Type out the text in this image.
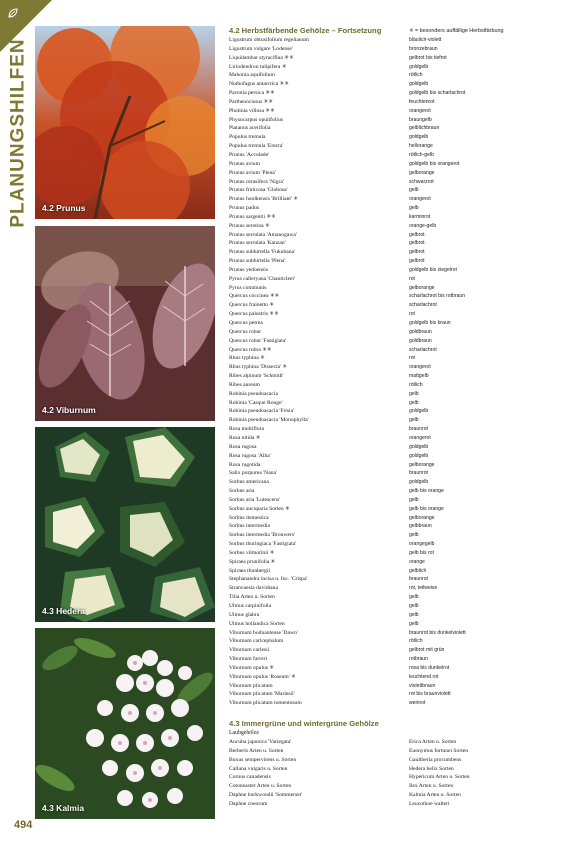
PLANUNGSHILFEN 4.2 Prunus
4.2 Viburnum
4.3 Hedera
4.3 Kalmia
494
4.2 Herbstfärbende Gehölze – Fortsetzung	✳ = besonders auffällige Herbstfärbung
Ligustrum obtusifolium regelianum	bläulich-violett
Ligustrum vulgare 'Lodense'	bronzebraun
Liquidambar styraciflua ✳✳	gelbrot bis tiefrot
Liriodendron tulipifera ✳	goldgelb
Mahonia aquifolium	rötlich
Nothofagus antarctica ✳✳	goldgelb
Parrotia persica ✳✳	goldgelb bis scharlachrot
Parthenocissus ✳✳	feuchtenrot
Photinia villosa ✳✳	orangerot
Physocarpus opulifolius	braungelb
Platanus acerifolia	gelblichbraun
Populus tremula	goldgelb
Populus tremula 'Erecta'	hellorange
Prunus 'Accolade'	rötlich-gelb
Prunus avium	goldgelb bis orangerot
Prunus avium 'Plena'	gelborange
Prunus cerasifera 'Nigra'	schwarzrot
Prunus fruticosa 'Globosa'	gelb
Prunus hoolkensis 'Brilliant' ✳	orangerot
Prunus padus	gelb
Prunus sargentii ✳✳	karminrot
Prunus serotina ✳	orange-gelb
Prunus serrulata 'Amanogawa'	gelbrot
Prunus serrulata 'Kanzan'	gelbrot
Prunus subhirtella 'Fukubana'	gelbrot
Prunus subhirtella 'Plena'	gelbrot
Prunus yedoensis	goldgelb bis ziegelrot
Pyrus calleryana 'Chanticleer'	rot
Pyrus communis	gelborange
Quercus coccinea ✳✳	scharlachrot bis rotbraun
Quercus frainetto ✳	scharlachrot
Quercus palustris ✳✳	rot
Quercus petrea	goldgelb bis braun
Quercus robur	goldbraun
Quercus robur 'Fastigiata'	goldbraun
Quercus rubra ✳✳	scharlachrot
Rhus typhina ✳	rot
Rhus typhina 'Dissecta' ✳	orangerot
Ribes alpinum 'Schmidt'	mattgelb
Ribes aureum	rötlich
Robinia pseudoacacia	gelb
Robinia 'Casque Rouge'	gelb
Robinia pseudoacacia 'Frisia'	goldgelb
Robinia pseudoacacia 'Monophylla'	gelb
Rosa multiflora	braunrot
Rosa nitida ✳	orangerot
Rosa rugosa	goldgelb
Rosa rugosa 'Alba'	goldgelb
Rosa rugotida	gelborange
Salix purpurea 'Nana'	braunrot
Sorbus americana	goldgelb
Sorbus aria	gelb bis orange
Sorbus aria 'Lutescens'	gelb
Sorbus aucuparia Sorten ✳	gelb bis orange
Sorbus domestica	gelborange
Sorbus intermedia	gelbbraun
Sorbus intermedia 'Brouwers'	gelb
Sorbus thuringiaca 'Fastigiata'	orangegelb
Sorbus vilmorinii ✳	gelb bis rot
Spiraea prunifolia ✳	orange
Spiraea thunbergii	gelblich
Stephanandra incisa u. Inc. 'Crispa'	braunrot
Stranvaesia davidiana	rot, teilweise
Tilia Arten u. Sorten	gelb
Ulmus carpinifolia	gelb
Ulmus glabra	gelb
Ulmus hollandica Sorten	gelb
Viburnum bodnantense 'Dawn'	braunrot bis dunkelviolett
Viburnum carlcephalum	rötlich
Viburnum carlesii	gelbrot mit grün
Viburnum farreri	rotbraun
Viburnum opulus ✳	rosa bis dunkelrot
Viburnum opulus 'Roseum' ✳	leuchtend rot
Viburnum plicatum	violettbraun
Viburnum plicatum 'Mariesii'	rot bis braunviolett
Viburnum plicatum tomentosum	weinrot
4.3 Immergrüne und wintergrüne Gehölze
Laubgehölze
Aucuba japonica 'Variegata'	Erica Arten u. Sorten
Berberis Arten u. Sorten	Euonymus fortunei Sorten
Buxus sempervirens u. Sorten	Gaultheria procumbens
Calluna vulgaris u. Sorten	Hedera helix Sorten
Cornus canadensis	Hypericum Arten u. Sorten
Cotoneaster Arten u. Sorten	Ilex Arten u. Sorten
Daphne burkwoodii 'Sommerset'	Kalmia Arten u. Sorten
Daphne cneorum	Leucothoe walteri
